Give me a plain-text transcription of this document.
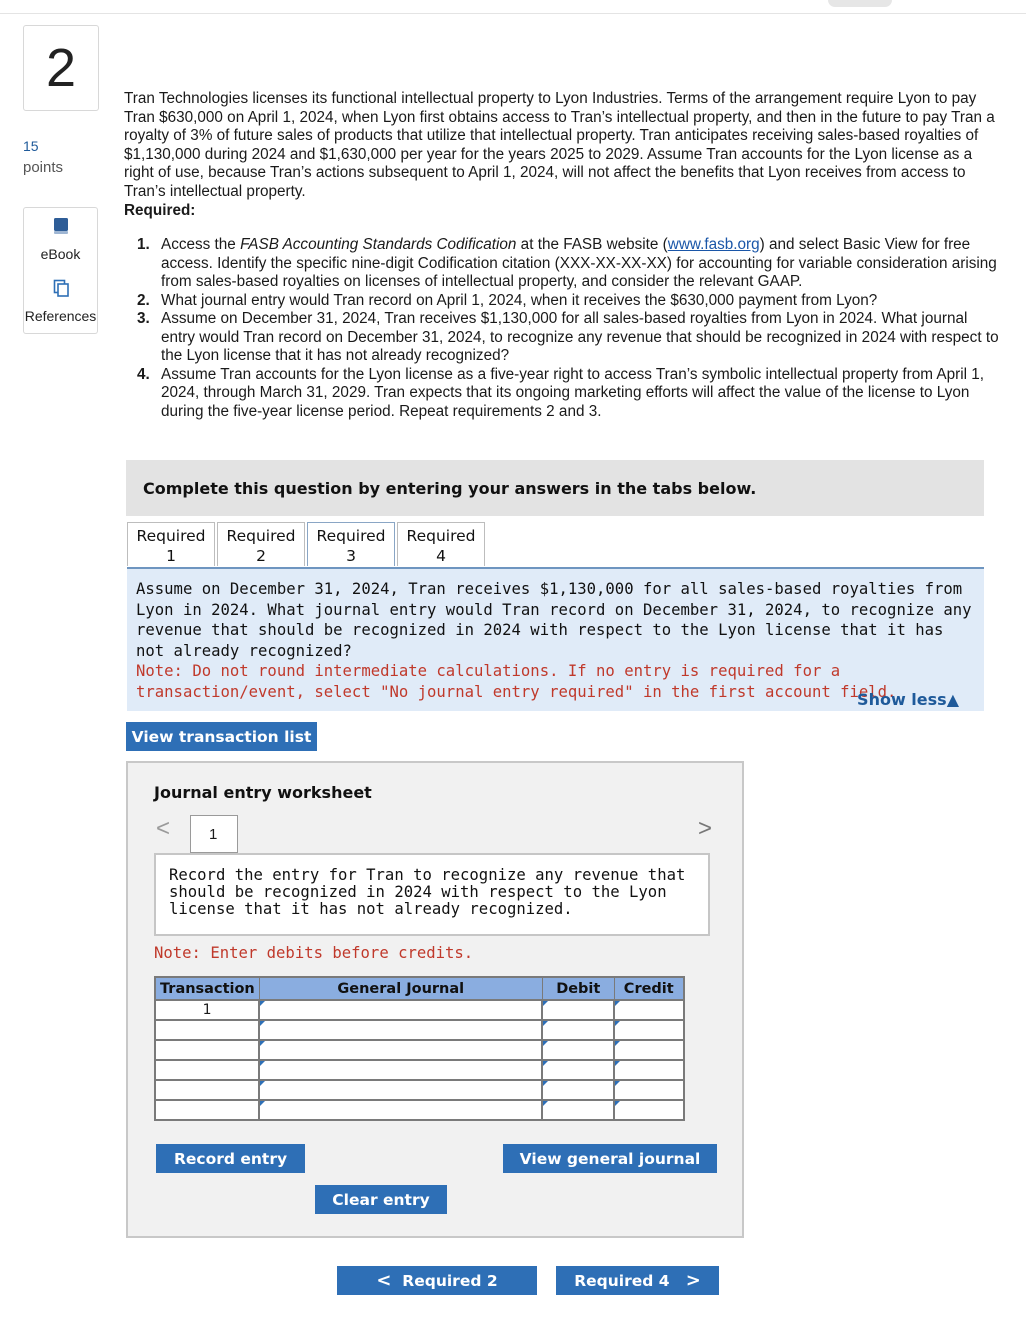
2
15
points
eBook
References

Tran Technologies licenses its functional intellectual property to Lyon Industries. Terms of the arrangement require Lyon to pay Tran $630,000 on April 1, 2024, when Lyon first obtains access to Tran’s intellectual property, and then in the future to pay Tran a royalty of 3% of future sales of products that utilize that intellectual property. Tran anticipates receiving sales-based royalties of $1,130,000 during 2024 and $1,630,000 per year for the years 2025 to 2029. Assume Tran accounts for the Lyon license as a right of use, because Tran’s actions subsequent to April 1, 2024, will not affect the benefits that Lyon receives from access to Tran’s intellectual property.

Required:
1. Access the FASB Accounting Standards Codification at the FASB website (www.fasb.org) and select Basic View for free access. Identify the specific nine-digit Codification citation (XXX-XX-XX-XX) for accounting for variable consideration arising from sales-based royalties on licenses of intellectual property, and consider the relevant GAAP.
2. What journal entry would Tran record on April 1, 2024, when it receives the $630,000 payment from Lyon?
3. Assume on December 31, 2024, Tran receives $1,130,000 for all sales-based royalties from Lyon in 2024. What journal entry would Tran record on December 31, 2024, to recognize any revenue that should be recognized in 2024 with respect to the Lyon license that it has not already recognized?
4. Assume Tran accounts for the Lyon license as a five-year right to access Tran’s symbolic intellectual property from April 1, 2024, through March 31, 2029. Tran expects that its ongoing marketing efforts will affect the value of the license to Lyon during the five-year license period. Repeat requirements 2 and 3.
Complete this question by entering your answers in the tabs below.
Required
1
Required
2
Required
3
Required
4
Assume on December 31, 2024, Tran receives $1,130,000 for all sales-based royalties from Lyon in 2024. What journal entry would Tran record on December 31, 2024, to recognize any revenue that should be recognized in 2024 with respect to the Lyon license that it has not already recognized?
Note: Do not round intermediate calculations. If no entry is required for a transaction/event, select "No journal entry required" in the first account field.
Show less▲
View transaction list
Journal entry worksheet
<	1	>
Record the entry for Tran to recognize any revenue that should be recognized in 2024 with respect to the Lyon license that it has not already recognized.
Note: Enter debits before credits.
Transaction	General Journal	Debit	Credit
1			

Record entry	View general journal
Clear entry
<
Required 2	Required 4
>
